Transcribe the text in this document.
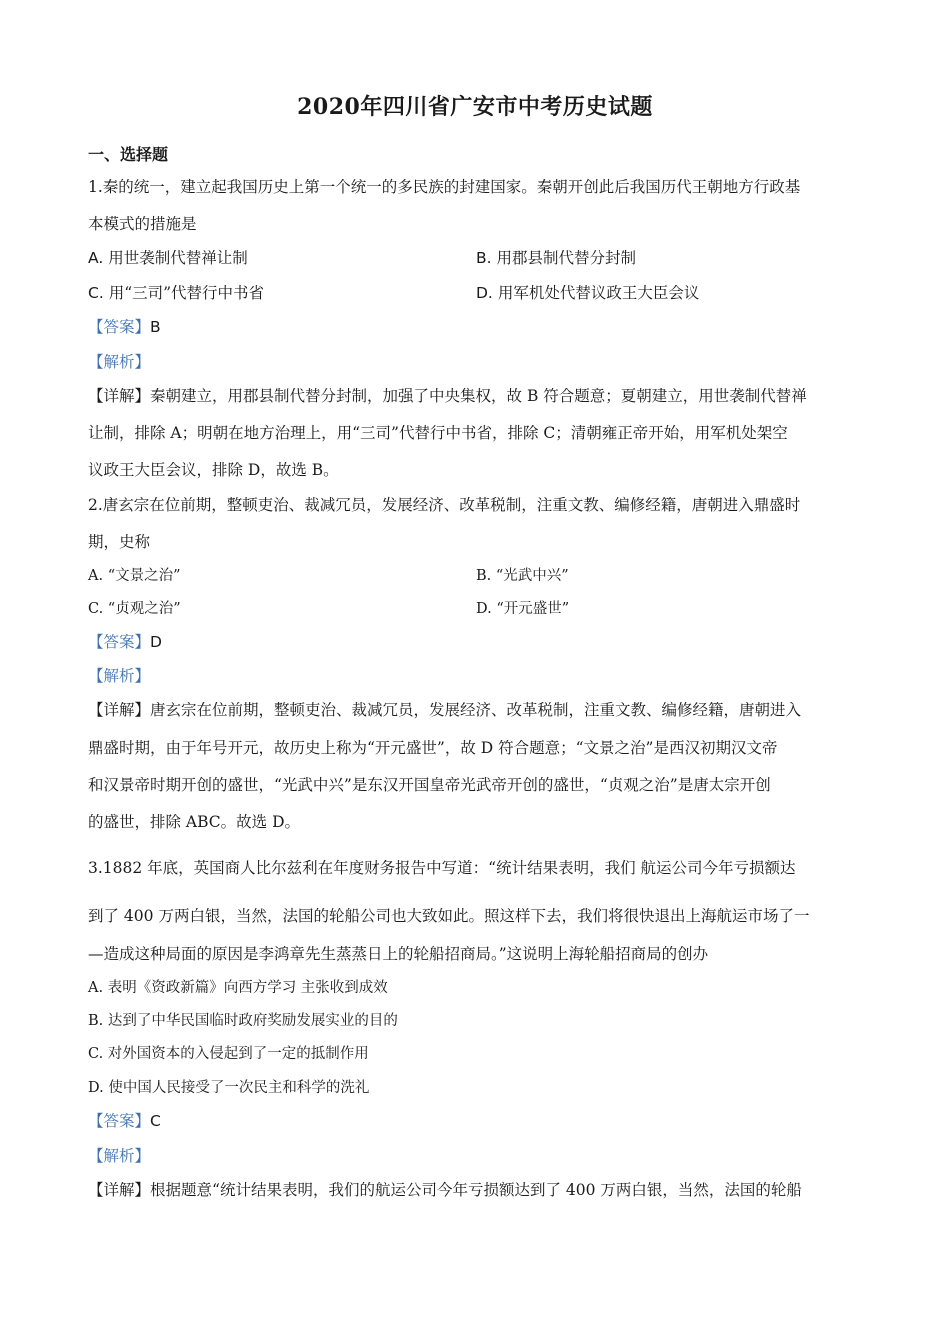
2020年四川省广安市中考历史试题
一、选择题
1.秦的统一，建立起我国历史上第一个统一的多民族的封建国家。秦朝开创此后我国历代王朝地方行政基
本模式的措施是
A. 用世袭制代替禅让制	B. 用郡县制代替分封制
C. 用“三司”代替行中书省	D. 用军机处代替议政王大臣会议
【答案】B
【解析】
【详解】秦朝建立，用郡县制代替分封制，加强了中央集权，故 B 符合题意；夏朝建立，用世袭制代替禅
让制，排除 A；明朝在地方治理上，用“三司”代替行中书省，排除 C；清朝雍正帝开始，用军机处架空
议政王大臣会议，排除 D，故选 B。
2.唐玄宗在位前期，整顿吏治、裁减冗员，发展经济、改革税制，注重文教、编修经籍，唐朝进入鼎盛时
期，史称
A. “文景之治”	B. “光武中兴”
C. “贞观之治”	D. “开元盛世”
【答案】D
【解析】
【详解】唐玄宗在位前期，整顿吏治、裁减冗员，发展经济、改革税制，注重文教、编修经籍，唐朝进入
鼎盛时期，由于年号开元，故历史上称为“开元盛世”，故 D 符合题意；“文景之治”是西汉初期汉文帝
和汉景帝时期开创的盛世，“光武中兴”是东汉开国皇帝光武帝开创的盛世，“贞观之治”是唐太宗开创
的盛世，排除 ABC。故选 D。
3.1882 年底，英国商人比尔兹利在年度财务报告中写道：“统计结果表明，我们 航运公司今年亏损额达
到了 400 万两白银，当然，法国的轮船公司也大致如此。照这样下去，我们将很快退出上海航运市场了一
—造成这种局面的原因是李鸿章先生蒸蒸日上的轮船招商局。”这说明上海轮船招商局的创办
A. 表明《资政新篇》向西方学习 主张收到成效
B. 达到了中华民国临时政府奖励发展实业的目的
C. 对外国资本的入侵起到了一定的抵制作用
D. 使中国人民接受了一次民主和科学的洗礼
【答案】C
【解析】
【详解】根据题意“统计结果表明，我们的航运公司今年亏损额达到了 400 万两白银，当然，法国的轮船
